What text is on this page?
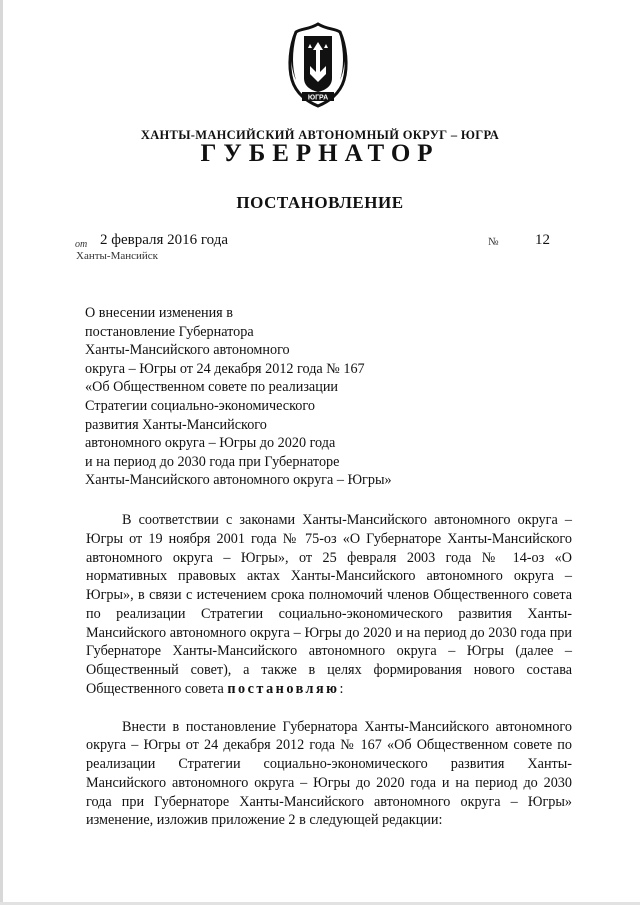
ЮГРА
ХАНТЫ-МАНСИЙСКИЙ АВТОНОМНЫЙ ОКРУГ – ЮГРА
ГУБЕРНАТОР
ПОСТАНОВЛЕНИЕ
от 2 февраля 2016 года	№ 12
Ханты-Мансийск
О внесении изменения в
постановление Губернатора
Ханты-Мансийского автономного
округа – Югры от 24 декабря 2012 года № 167
«Об Общественном совете по реализации
Стратегии социально-экономического
развития Ханты-Мансийского
автономного округа – Югры до 2020 года
и на период до 2030 года при Губернаторе
Ханты-Мансийского автономного округа – Югры»

В соответствии с законами Ханты-Мансийского автономного округа – Югры от 19 ноября 2001 года № 75-оз «О Губернаторе Ханты-Мансийского автономного округа – Югры», от 25 февраля 2003 года № 14-оз «О нормативных правовых актах Ханты-Мансийского автономного округа – Югры», в связи с истечением срока полномочий членов Общественного совета по реализации Стратегии социально-экономического развития Ханты-Мансийского автономного округа – Югры до 2020 и на период до 2030 года при Губернаторе Ханты-Мансийского автономного округа – Югры (далее – Общественный совет), а также в целях формирования нового состава Общественного совета постановляю:

Внести в постановление Губернатора Ханты-Мансийского автономного округа – Югры от 24 декабря 2012 года № 167 «Об Общественном совете по реализации Стратегии социально-экономического развития Ханты-Мансийского автономного округа – Югры до 2020 года и на период до 2030 года при Губернаторе Ханты-Мансийского автономного округа – Югры» изменение, изложив приложение 2 в следующей редакции:
